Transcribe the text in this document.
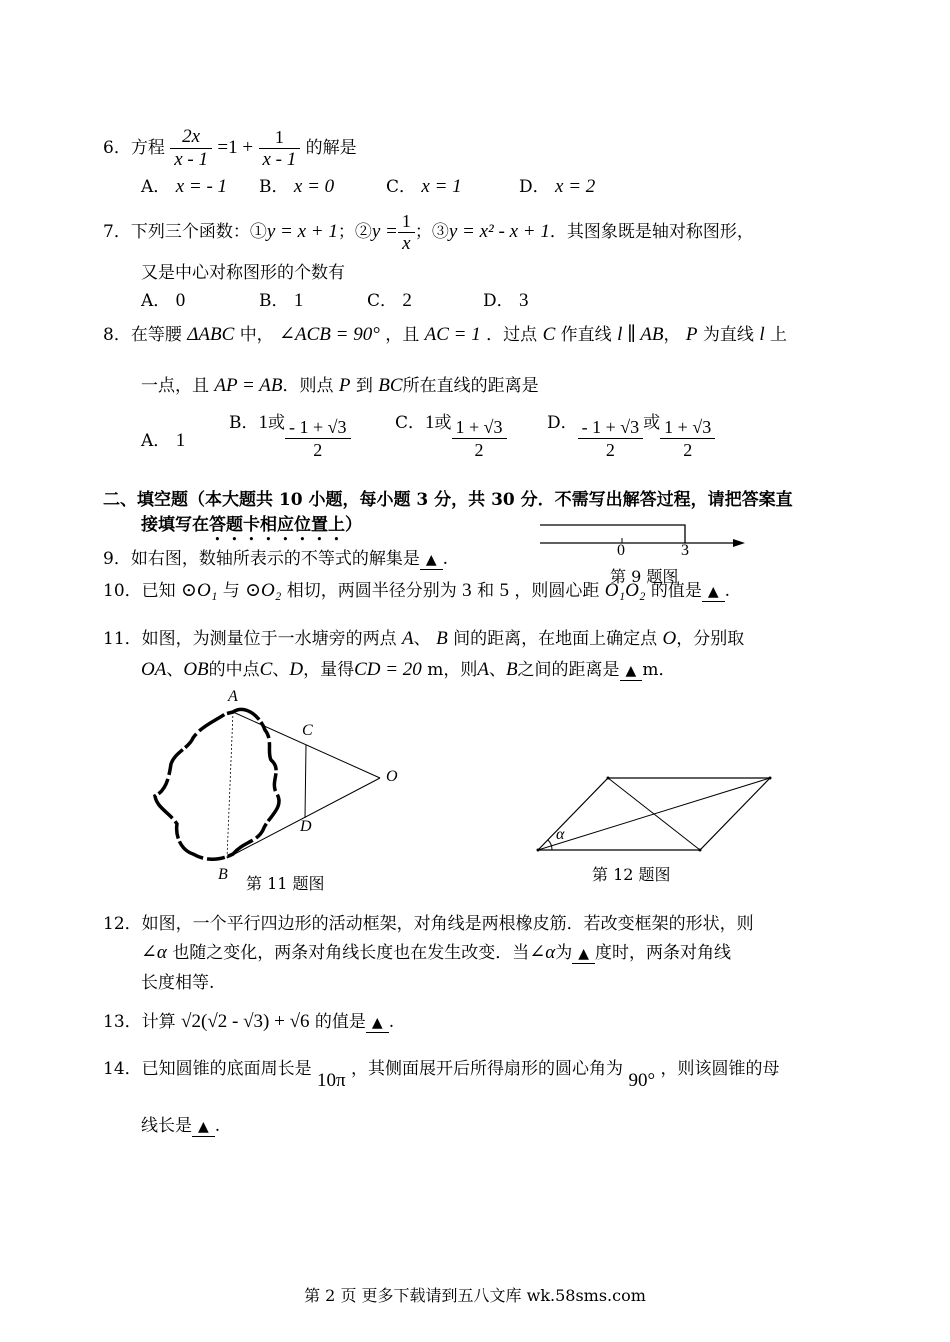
6．方程 $\frac{2x}{x - 1} =1 + \frac{1}{x - 1}$ 的解是
A． x = - 1 B． x = 0	C． x = 1	D． x = 2
7．下列三个函数：①y = x + 1；②y = $\frac{1}{x}$ ；③y = x² - x + 1．其图象既是轴对称图形，
又是中心对称图形的个数有
A． 0	B． 1	C． 2	D． 3
8．在等腰 ΔABC 中， ∠ACB = 90° ，且 AC = 1 ．过点 C 作直线 l ∥ AB， P 为直线 l 上
一点，且 AP = AB．则点 P 到 BC所在直线的距离是
A． 1
B．1或 $\frac{- 1 + √3}{2}$	C．1或 $\frac{1 + √3}{2}$ D． $\frac{- 1 + √3}{2}$ 或 $\frac{1 + √3}{2}$
二、填空题（本大题共 10 小题，每小题 3 分，共 30 分．不需写出解答过程，请把答案直
接填写在答题卡相应位置上）
9．如右图，数轴所表示的不等式的解集是 ▲ .	0	3
第 9 题图
10．已知 ⊙O₁ 与 ⊙O₂ 相切，两圆半径分别为 3 和 5 ，则圆心距 O₁O₂ 的值是 ▲ .
11．如图，为测量位于一水塘旁的两点 A、 B 间的距离，在地面上确定点 O，分别取
OA、OB的中点C、D，量得CD = 20 m，则A、B之间的距离是 ▲ m．
A
C
O
D
B 第 11 题图
α
第 12 题图
12．如图，一个平行四边形的活动框架，对角线是两根橡皮筋．若改变框架的形状，则
∠α 也随之变化，两条对角线长度也在发生改变．当∠α为 ▲ 度时，两条对角线
长度相等.
13．计算 √2(√2 - √3) + √6 的值是 ▲ .
14．已知圆锥的底面周长是 10π ，其侧面展开后所得扇形的圆心角为 90° ，则该圆锥的母
线长是 ▲ .
第 2 页 更多下载请到五八文库 wk.58sms.com
